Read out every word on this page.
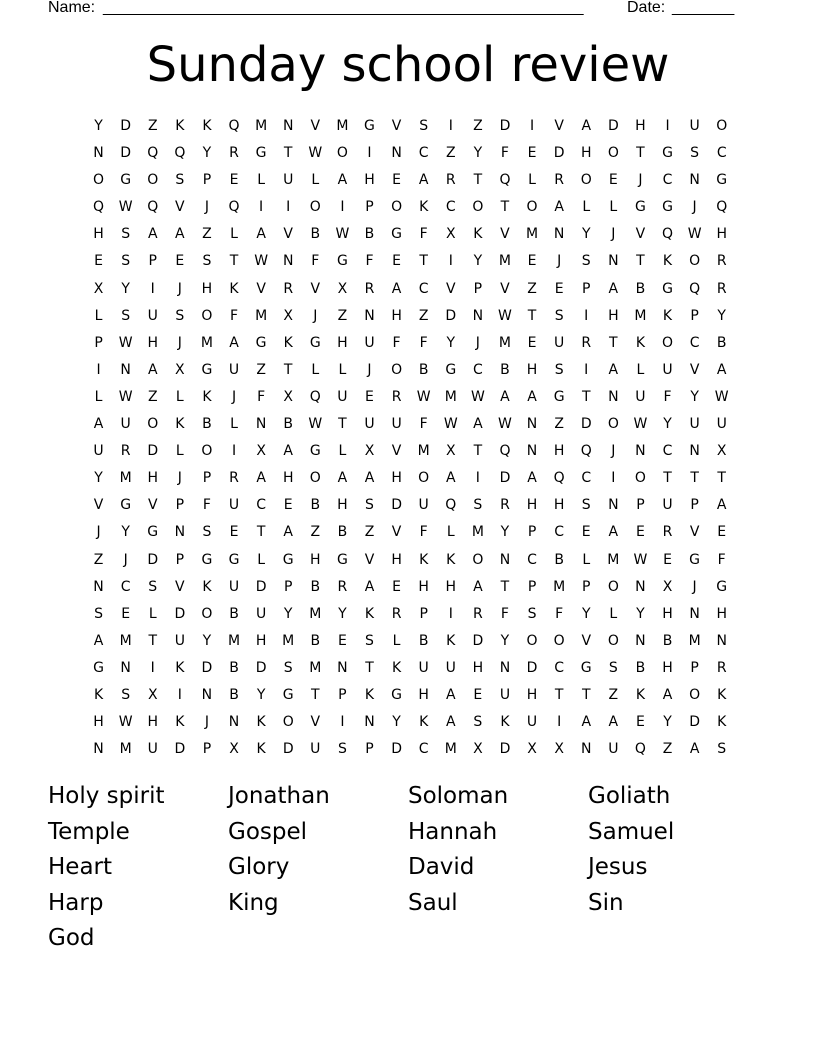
Name: ______________________________________________________	Date: _______
Sunday school review
Y	D	Z	K	K	Q	M	N	V	M	G	V	S	I	Z	D	I	V	A	D	H	I	U	O
N	D	Q	Q	Y	R	G	T	W	O	I	N	C	Z	Y	F	E	D	H	O	T	G	S	C
O	G	O	S	P	E	L	U	L	A	H	E	A	R	T	Q	L	R	O	E	J	C	N	G
Q	W	Q	V	J	Q	I	I	O	I	P	O	K	C	O	T	O	A	L	L	G	G	J	Q
H	S	A	A	Z	L	A	V	B	W	B	G	F	X	K	V	M	N	Y	J	V	Q	W	H
E	S	P	E	S	T	W	N	F	G	F	E	T	I	Y	M	E	J	S	N	T	K	O	R
X	Y	I	J	H	K	V	R	V	X	R	A	C	V	P	V	Z	E	P	A	B	G	Q	R
L	S	U	S	O	F	M	X	J	Z	N	H	Z	D	N	W	T	S	I	H	M	K	P	Y
P	W	H	J	M	A	G	K	G	H	U	F	F	Y	J	M	E	U	R	T	K	O	C	B
I	N	A	X	G	U	Z	T	L	L	J	O	B	G	C	B	H	S	I	A	L	U	V	A
L	W	Z	L	K	J	F	X	Q	U	E	R	W	M	W	A	A	G	T	N	U	F	Y	W
A	U	O	K	B	L	N	B	W	T	U	U	F	W	A	W	N	Z	D	O	W	Y	U	U
U	R	D	L	O	I	X	A	G	L	X	V	M	X	T	Q	N	H	Q	J	N	C	N	X
Y	M	H	J	P	R	A	H	O	A	A	H	O	A	I	D	A	Q	C	I	O	T	T	T
V	G	V	P	F	U	C	E	B	H	S	D	U	Q	S	R	H	H	S	N	P	U	P	A
J	Y	G	N	S	E	T	A	Z	B	Z	V	F	L	M	Y	P	C	E	A	E	R	V	E
Z	J	D	P	G	G	L	G	H	G	V	H	K	K	O	N	C	B	L	M	W	E	G	F
N	C	S	V	K	U	D	P	B	R	A	E	H	H	A	T	P	M	P	O	N	X	J	G
S	E	L	D	O	B	U	Y	M	Y	K	R	P	I	R	F	S	F	Y	L	Y	H	N	H
A	M	T	U	Y	M	H	M	B	E	S	L	B	K	D	Y	O	O	V	O	N	B	M	N
G	N	I	K	D	B	D	S	M	N	T	K	U	U	H	N	D	C	G	S	B	H	P	R
K	S	X	I	N	B	Y	G	T	P	K	G	H	A	E	U	H	T	T	Z	K	A	O	K
H	W	H	K	J	N	K	O	V	I	N	Y	K	A	S	K	U	I	A	A	E	Y	D	K
N	M	U	D	P	X	K	D	U	S	P	D	C	M	X	D	X	X	N	U	Q	Z	A	S
Holy spirit	Jonathan	Soloman	Goliath
Temple	Gospel	Hannah	Samuel
Heart	Glory	David	Jesus
Harp	King	Saul	Sin
God
